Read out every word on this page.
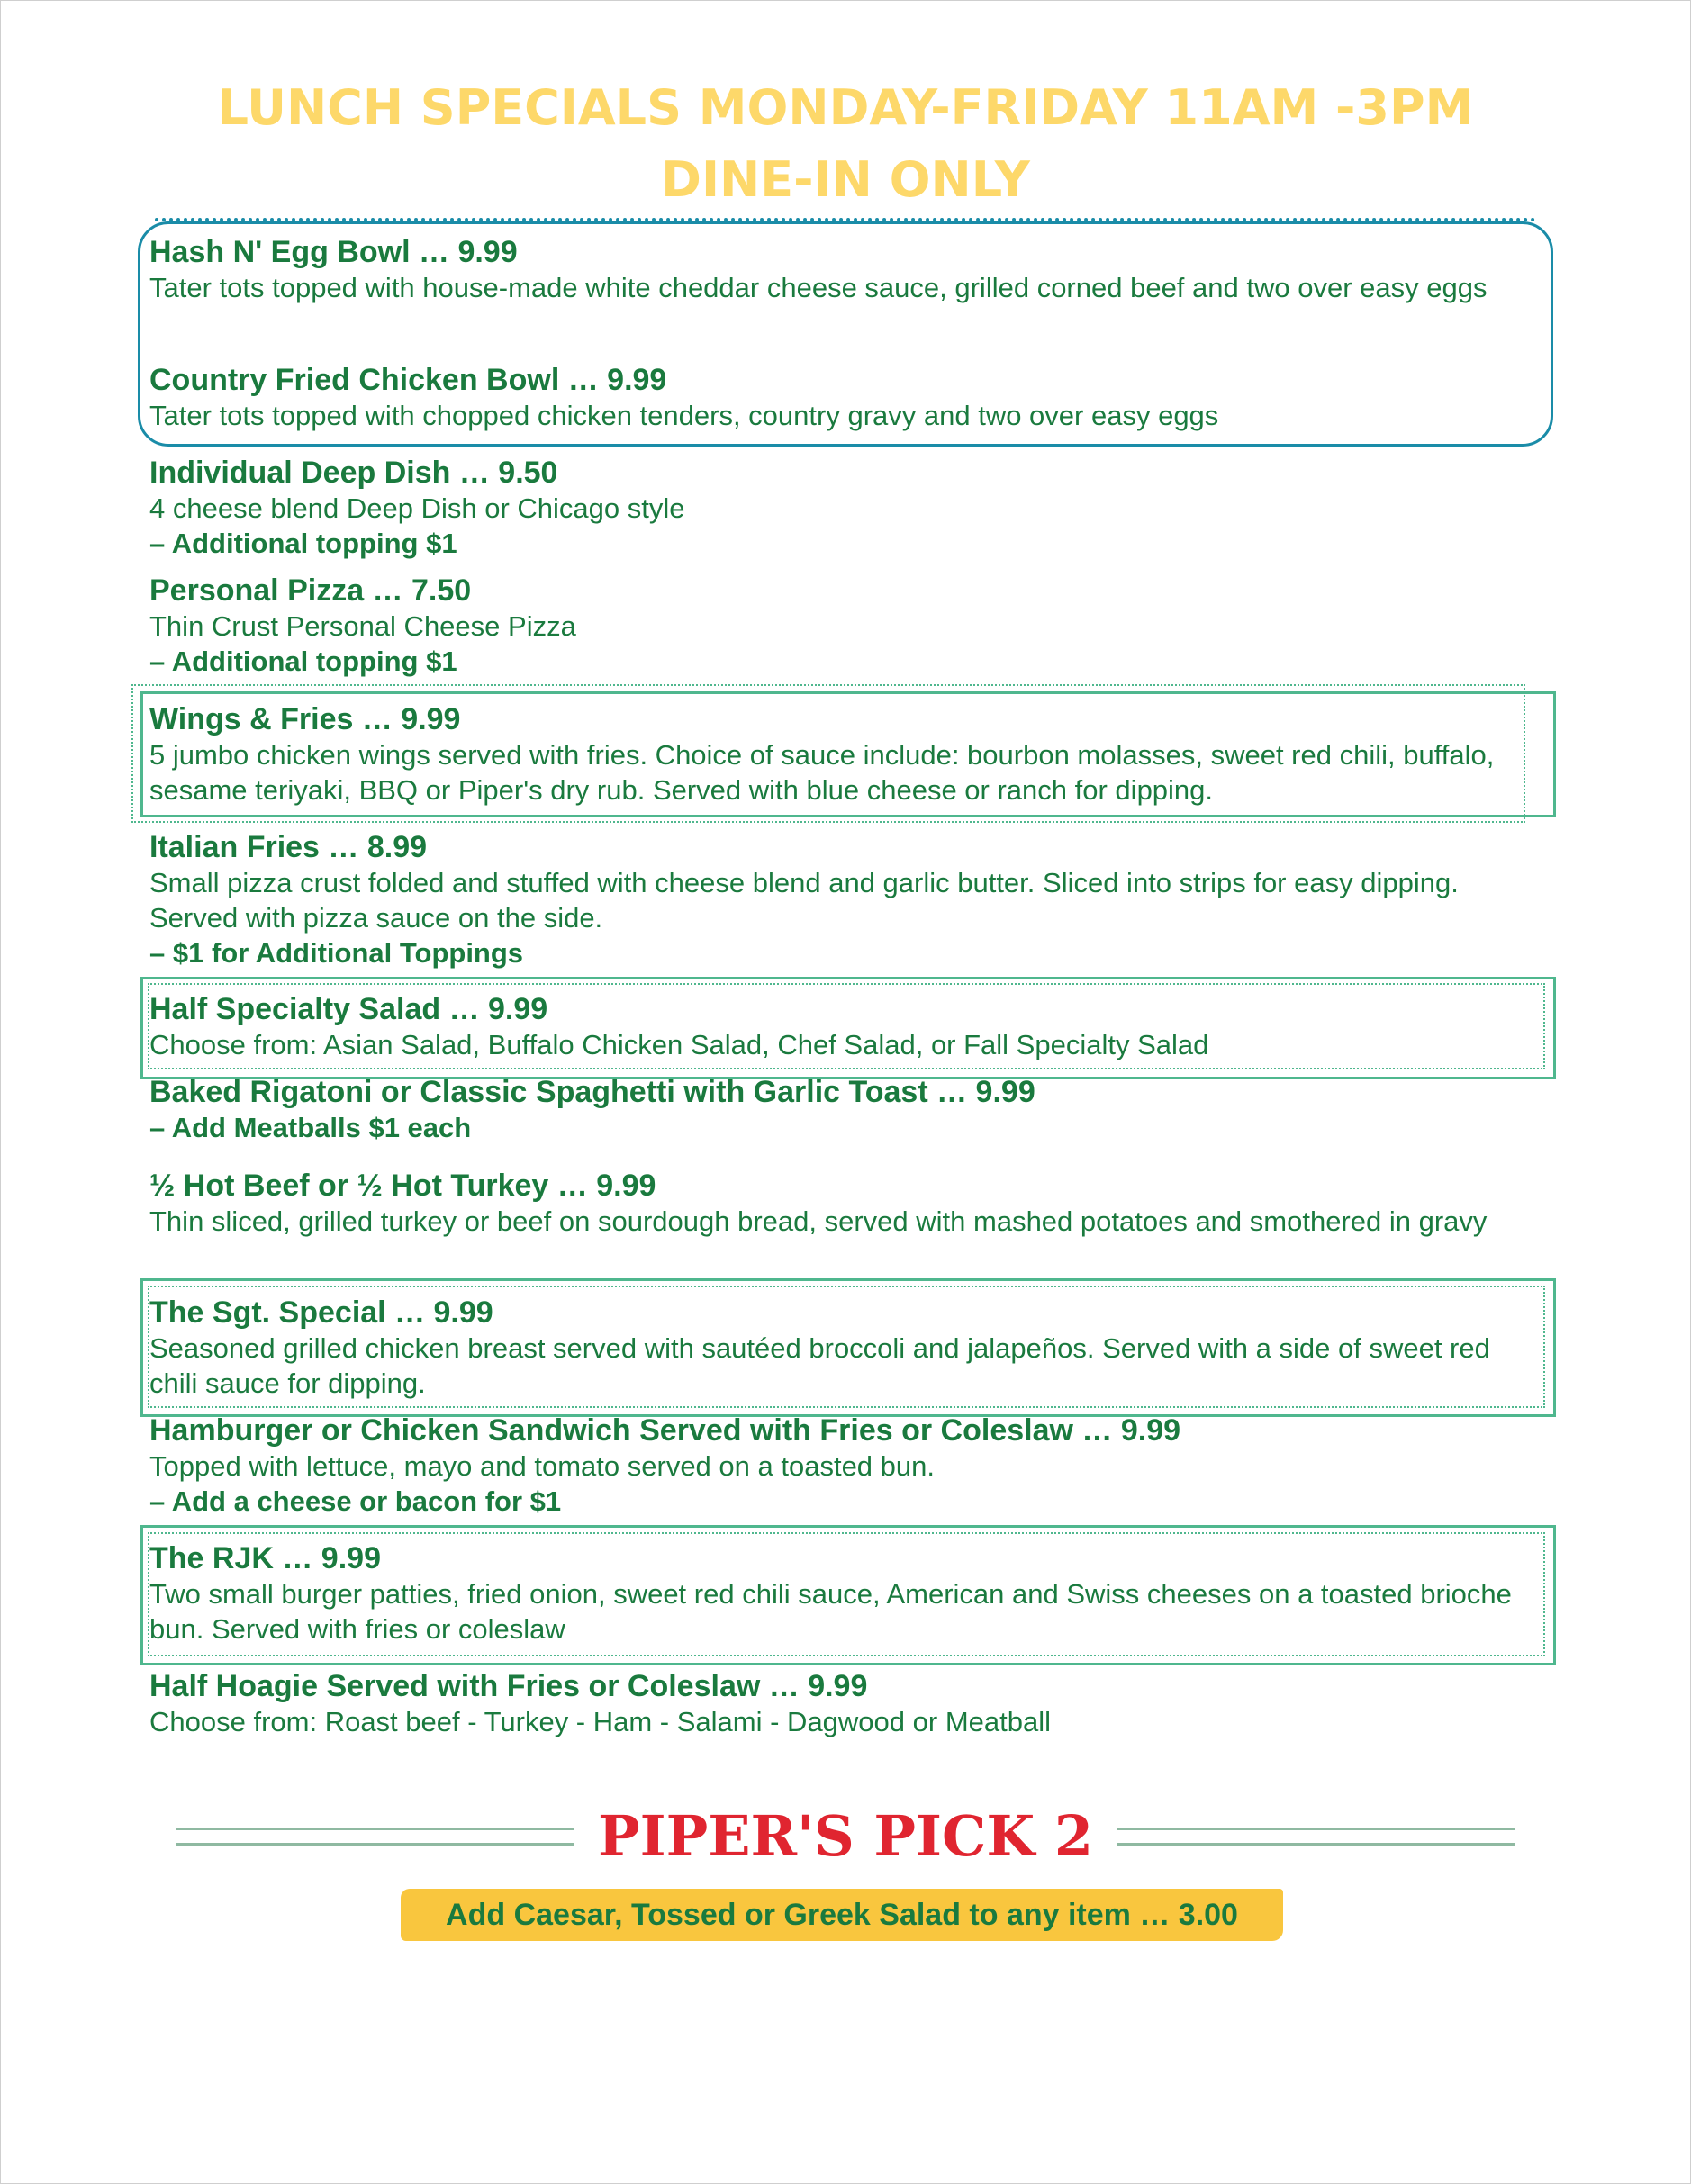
LUNCH SPECIALS MONDAY-FRIDAY 11AM -3PM
DINE-IN ONLY
Hash N' Egg Bowl … 9.99
Tater tots topped with house-made white cheddar cheese sauce, grilled corned beef and two over easy eggs
Country Fried Chicken Bowl … 9.99
Tater tots topped with chopped chicken tenders, country gravy and two over easy eggs
Individual Deep Dish … 9.50
4 cheese blend Deep Dish or Chicago style
– Additional topping $1
Personal Pizza … 7.50
Thin Crust Personal Cheese Pizza
– Additional topping $1
Wings & Fries … 9.99
5 jumbo chicken wings served with fries. Choice of sauce include: bourbon molasses, sweet red chili, buffalo, sesame teriyaki, BBQ or Piper's dry rub. Served with blue cheese or ranch for dipping.
Italian Fries … 8.99
Small pizza crust folded and stuffed with cheese blend and garlic butter. Sliced into strips for easy dipping. Served with pizza sauce on the side.
– $1 for Additional Toppings
Half Specialty Salad … 9.99
Choose from: Asian Salad, Buffalo Chicken Salad, Chef Salad, or Fall Specialty Salad
Baked Rigatoni or Classic Spaghetti with Garlic Toast … 9.99
– Add Meatballs $1 each
½ Hot Beef or ½ Hot Turkey … 9.99
Thin sliced, grilled turkey or beef on sourdough bread, served with mashed potatoes and smothered in gravy
The Sgt. Special … 9.99
Seasoned grilled chicken breast served with sautéed broccoli and jalapeños. Served with a side of sweet red chili sauce for dipping.
Hamburger or Chicken Sandwich Served with Fries or Coleslaw … 9.99
Topped with lettuce, mayo and tomato served on a toasted bun.
– Add a cheese or bacon for $1
The RJK … 9.99
Two small burger patties, fried onion, sweet red chili sauce, American and Swiss cheeses on a toasted brioche bun. Served with fries or coleslaw
Half Hoagie Served with Fries or Coleslaw … 9.99
Choose from: Roast beef - Turkey - Ham - Salami - Dagwood or Meatball
PIPER'S PICK 2
Add Caesar, Tossed or Greek Salad to any item … 3.00
